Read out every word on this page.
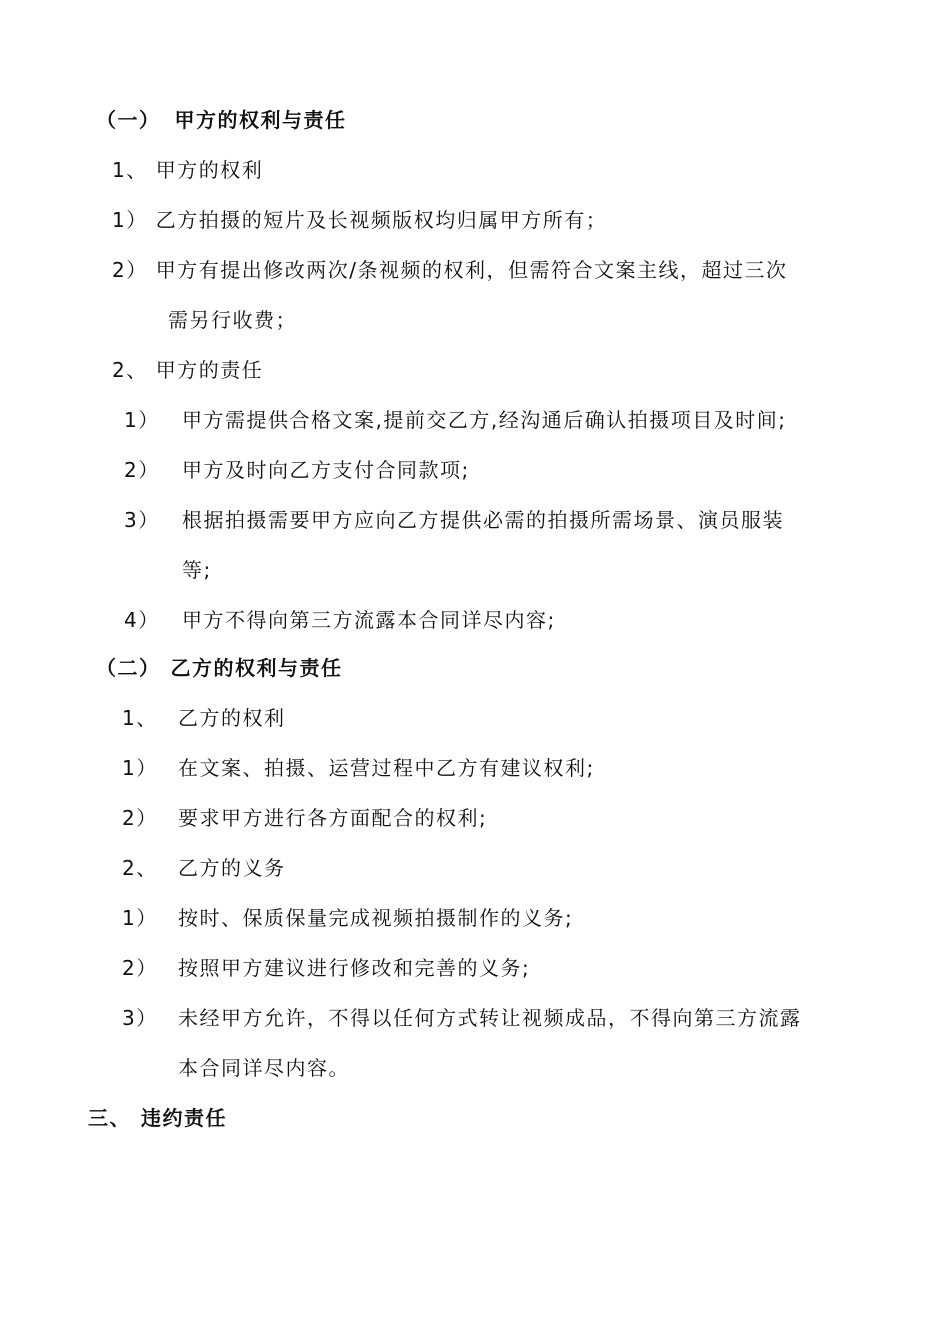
（一） 甲方的权利与责任
1、 甲方的权利
1） 乙方拍摄的短片及长视频版权均归属甲方所有；
2） 甲方有提出修改两次/条视频的权利，但需符合文案主线，超过三次
需另行收费；
2、 甲方的责任
1） 甲方需提供合格文案,提前交乙方,经沟通后确认拍摄项目及时间;
2） 甲方及时向乙方支付合同款项;
3） 根据拍摄需要甲方应向乙方提供必需的拍摄所需场景、演员服装
等;
4） 甲方不得向第三方流露本合同详尽内容;
（二） 乙方的权利与责任
1、 乙方的权利
1） 在文案、拍摄、运营过程中乙方有建议权利;
2） 要求甲方进行各方面配合的权利;
2、 乙方的义务
1） 按时、保质保量完成视频拍摄制作的义务;
2） 按照甲方建议进行修改和完善的义务;
3） 未经甲方允许，不得以任何方式转让视频成品，不得向第三方流露
本合同详尽内容。
三、 违约责任
